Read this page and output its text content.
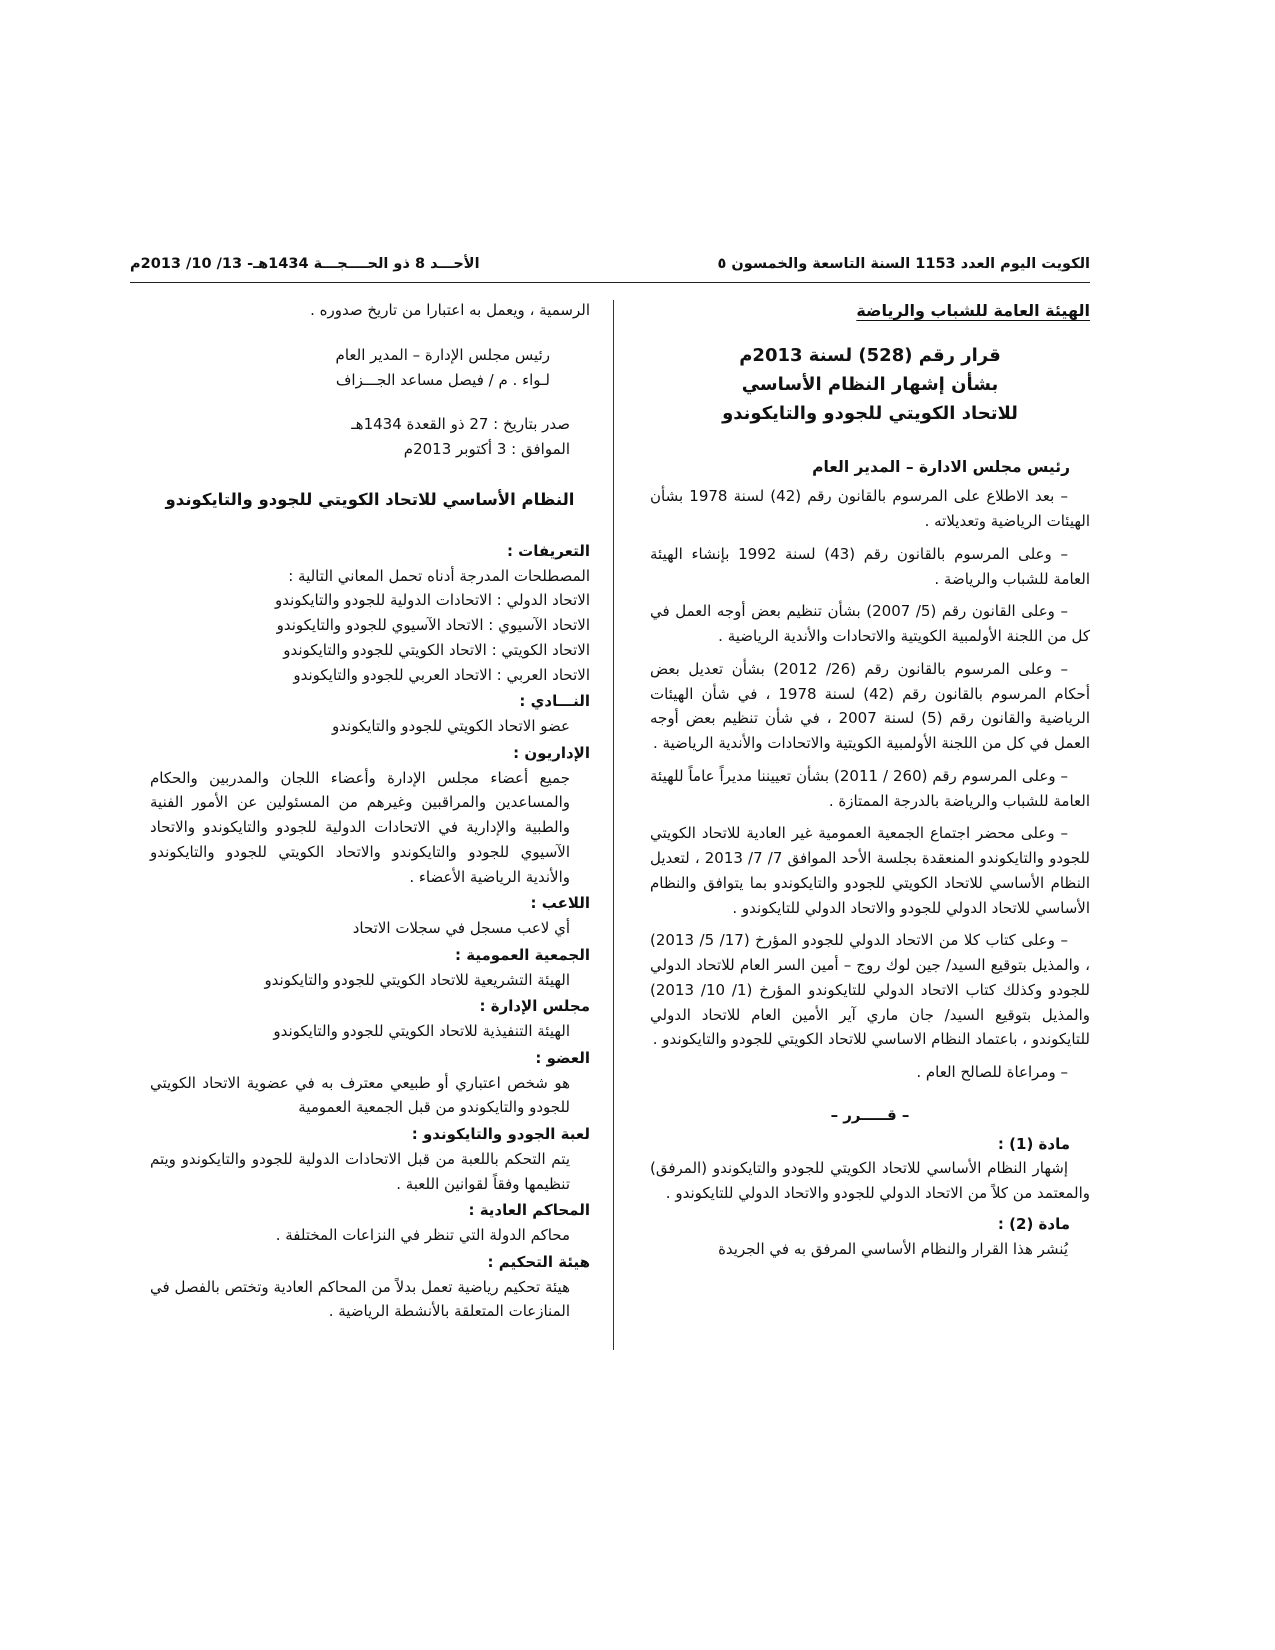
الكويت اليوم العدد 1153 السنة التاسعة والخمسون ٥
الأحـــد 8 ذو الحــــجـــة 1434هـ- 13/ 10/ 2013م
الهيئة العامة للشباب والرياضة
قرار رقم (528) لسنة 2013م
بشأن إشهار النظام الأساسي
للاتحاد الكويتي للجودو والتايكوندو
رئيس مجلس الادارة – المدير العام

– بعد الاطلاع على المرسوم بالقانون رقم (42) لسنة 1978 بشأن الهيئات الرياضية وتعديلاته .

– وعلى المرسوم بالقانون رقم (43) لسنة 1992 بإنشاء الهيئة العامة للشباب والرياضة .

– وعلى القانون رقم (5/ 2007) بشأن تنظيم بعض أوجه العمل في كل من اللجنة الأولمبية الكويتية والاتحادات والأندية الرياضية .

– وعلى المرسوم بالقانون رقم (26/ 2012) بشأن تعديل بعض أحكام المرسوم بالقانون رقم (42) لسنة 1978 ، في شأن الهيئات الرياضية والقانون رقم (5) لسنة 2007 ، في شأن تنظيم بعض أوجه العمل في كل من اللجنة الأولمبية الكويتية والاتحادات والأندية الرياضية .

– وعلى المرسوم رقم (260 / 2011) بشأن تعييننا مديراً عاماً للهيئة العامة للشباب والرياضة بالدرجة الممتازة .

– وعلى محضر اجتماع الجمعية العمومية غير العادية للاتحاد الكويتي للجودو والتايكوندو المنعقدة بجلسة الأحد الموافق 7/ 7/ 2013 ، لتعديل النظام الأساسي للاتحاد الكويتي للجودو والتايكوندو بما يتوافق والنظام الأساسي للاتحاد الدولي للجودو والاتحاد الدولي للتايكوندو .

– وعلى كتاب كلا من الاتحاد الدولي للجودو المؤرخ (17/ 5/ 2013) ، والمذيل بتوقيع السيد/ جين لوك روج – أمين السر العام للاتحاد الدولي للجودو وكذلك كتاب الاتحاد الدولي للتايكوندو المؤرخ (1/ 10/ 2013) والمذيل بتوقيع السيد/ جان ماري آير الأمين العام للاتحاد الدولي للتايكوندو ، باعتماد النظام الاساسي للاتحاد الكويتي للجودو والتايكوندو .

– ومراعاة للصالح العام .

– قـــــرر –
مادة (1) :

إشهار النظام الأساسي للاتحاد الكويتي للجودو والتايكوندو (المرفق) والمعتمد من كلاً من الاتحاد الدولي للجودو والاتحاد الدولي للتايكوندو .

مادة (2) :

يُنشر هذا القرار والنظام الأساسي المرفق به في الجريدة

الرسمية ، ويعمل به اعتبارا من تاريخ صدوره .

رئيس مجلس الإدارة – المدير العام
لـواء . م / فيصل مساعد الجـــزاف
صدر بتاريخ : 27 ذو القعدة 1434هـ
الموافق : 3 أكتوبر 2013م
النظام الأساسي للاتحاد الكويتي للجودو والتايكوندو
التعريفات :
المصطلحات المدرجة أدناه تحمل المعاني التالية :
الاتحاد الدولي : الاتحادات الدولية للجودو والتايكوندو
الاتحاد الآسيوي : الاتحاد الآسيوي للجودو والتايكوندو
الاتحاد الكويتي : الاتحاد الكويتي للجودو والتايكوندو
الاتحاد العربي : الاتحاد العربي للجودو والتايكوندو
النـــادي :
عضو الاتحاد الكويتي للجودو والتايكوندو
الإداريون :
جميع أعضاء مجلس الإدارة وأعضاء اللجان والمدربين والحكام والمساعدين والمراقبين وغيرهم من المسئولين عن الأمور الفنية والطبية والإدارية في الاتحادات الدولية للجودو والتايكوندو والاتحاد الآسيوي للجودو والتايكوندو والاتحاد الكويتي للجودو والتايكوندو والأندية الرياضية الأعضاء .
اللاعب :
أي لاعب مسجل في سجلات الاتحاد
الجمعية العمومية :
الهيئة التشريعية للاتحاد الكويتي للجودو والتايكوندو
مجلس الإدارة :
الهيئة التنفيذية للاتحاد الكويتي للجودو والتايكوندو
العضو :
هو شخص اعتباري أو طبيعي معترف به في عضوية الاتحاد الكويتي للجودو والتايكوندو من قبل الجمعية العمومية
لعبة الجودو والتايكوندو :
يتم التحكم باللعبة من قبل الاتحادات الدولية للجودو والتايكوندو ويتم تنظيمها وفقاً لقوانين اللعبة .
المحاكم العادية :
محاكم الدولة التي تنظر في النزاعات المختلفة .
هيئة التحكيم :
هيئة تحكيم رياضية تعمل بدلاً من المحاكم العادية وتختص بالفصل في المنازعات المتعلقة بالأنشطة الرياضية .
